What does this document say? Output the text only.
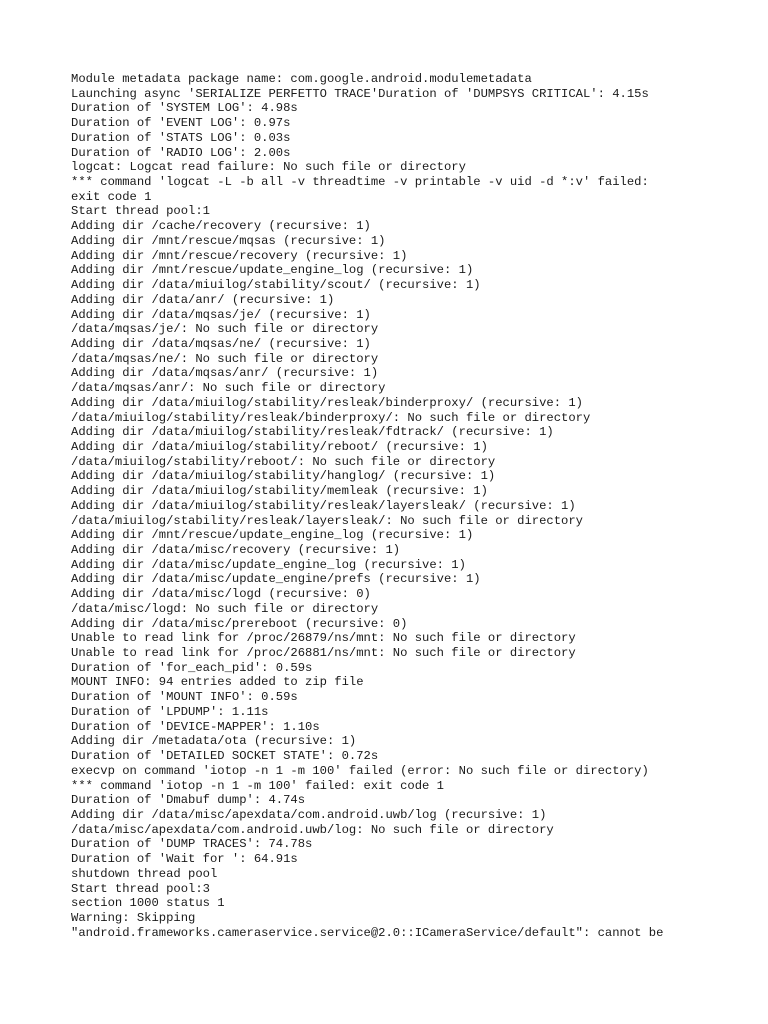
Module metadata package name: com.google.android.modulemetadata
Launching async 'SERIALIZE PERFETTO TRACE'Duration of 'DUMPSYS CRITICAL': 4.15s
Duration of 'SYSTEM LOG': 4.98s
Duration of 'EVENT LOG': 0.97s
Duration of 'STATS LOG': 0.03s
Duration of 'RADIO LOG': 2.00s
logcat: Logcat read failure: No such file or directory
*** command 'logcat -L -b all -v threadtime -v printable -v uid -d *:v' failed:
exit code 1
Start thread pool:1
Adding dir /cache/recovery (recursive: 1)
Adding dir /mnt/rescue/mqsas (recursive: 1)
Adding dir /mnt/rescue/recovery (recursive: 1)
Adding dir /mnt/rescue/update_engine_log (recursive: 1)
Adding dir /data/miuilog/stability/scout/ (recursive: 1)
Adding dir /data/anr/ (recursive: 1)
Adding dir /data/mqsas/je/ (recursive: 1)
/data/mqsas/je/: No such file or directory
Adding dir /data/mqsas/ne/ (recursive: 1)
/data/mqsas/ne/: No such file or directory
Adding dir /data/mqsas/anr/ (recursive: 1)
/data/mqsas/anr/: No such file or directory
Adding dir /data/miuilog/stability/resleak/binderproxy/ (recursive: 1)
/data/miuilog/stability/resleak/binderproxy/: No such file or directory
Adding dir /data/miuilog/stability/resleak/fdtrack/ (recursive: 1)
Adding dir /data/miuilog/stability/reboot/ (recursive: 1)
/data/miuilog/stability/reboot/: No such file or directory
Adding dir /data/miuilog/stability/hanglog/ (recursive: 1)
Adding dir /data/miuilog/stability/memleak (recursive: 1)
Adding dir /data/miuilog/stability/resleak/layersleak/ (recursive: 1)
/data/miuilog/stability/resleak/layersleak/: No such file or directory
Adding dir /mnt/rescue/update_engine_log (recursive: 1)
Adding dir /data/misc/recovery (recursive: 1)
Adding dir /data/misc/update_engine_log (recursive: 1)
Adding dir /data/misc/update_engine/prefs (recursive: 1)
Adding dir /data/misc/logd (recursive: 0)
/data/misc/logd: No such file or directory
Adding dir /data/misc/prereboot (recursive: 0)
Unable to read link for /proc/26879/ns/mnt: No such file or directory
Unable to read link for /proc/26881/ns/mnt: No such file or directory
Duration of 'for_each_pid': 0.59s
MOUNT INFO: 94 entries added to zip file
Duration of 'MOUNT INFO': 0.59s
Duration of 'LPDUMP': 1.11s
Duration of 'DEVICE-MAPPER': 1.10s
Adding dir /metadata/ota (recursive: 1)
Duration of 'DETAILED SOCKET STATE': 0.72s
execvp on command 'iotop -n 1 -m 100' failed (error: No such file or directory)
*** command 'iotop -n 1 -m 100' failed: exit code 1
Duration of 'Dmabuf dump': 4.74s
Adding dir /data/misc/apexdata/com.android.uwb/log (recursive: 1)
/data/misc/apexdata/com.android.uwb/log: No such file or directory
Duration of 'DUMP TRACES': 74.78s
Duration of 'Wait for ': 64.91s
shutdown thread pool
Start thread pool:3
section 1000 status 1
Warning: Skipping
"android.frameworks.cameraservice.service@2.0::ICameraService/default": cannot be
